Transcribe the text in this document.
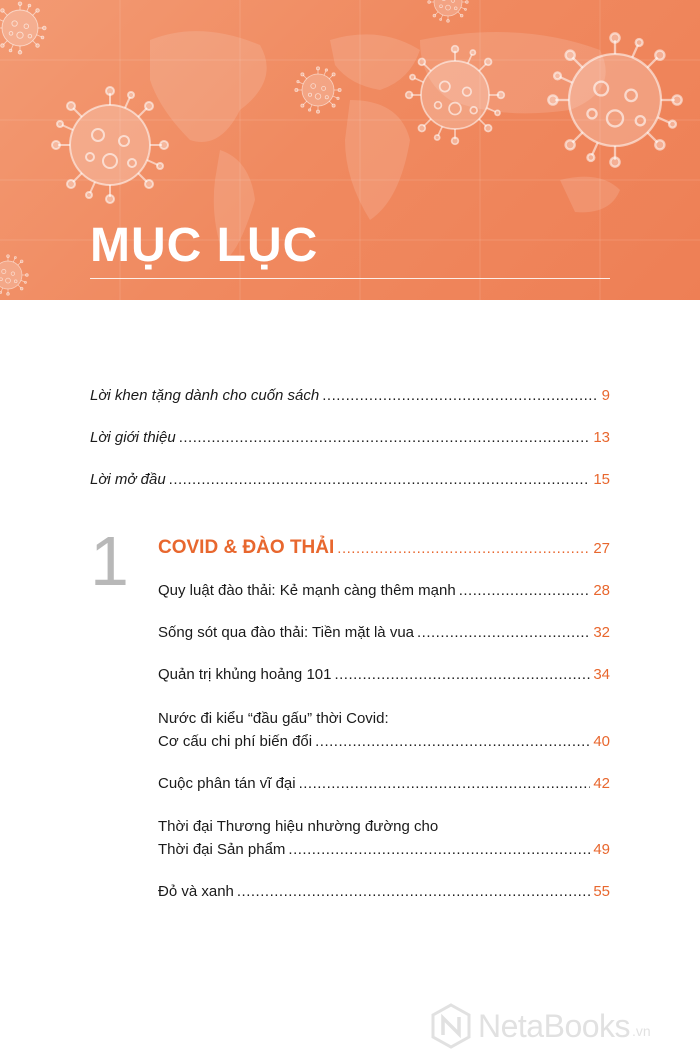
MỤC LỤC
Lời khen tặng dành cho cuốn sách .....	9
Lời giới thiệu .....	13
Lời mở đầu .....	15
1 COVID & ĐÀO THẢI .....	27
Quy luật đào thải: Kẻ mạnh càng thêm mạnh .....	28
Sống sót qua đào thải: Tiền mặt là vua .....	32
Quản trị khủng hoảng 101 .....	34
Nước đi kiểu “đầu gấu” thời Covid:
Cơ cấu chi phí biến đổi .....	40
Cuộc phân tán vĩ đại .....	42
Thời đại Thương hiệu nhường đường cho
Thời đại Sản phẩm .....	49
Đỏ và xanh .....	55
NetaBooks .vn
